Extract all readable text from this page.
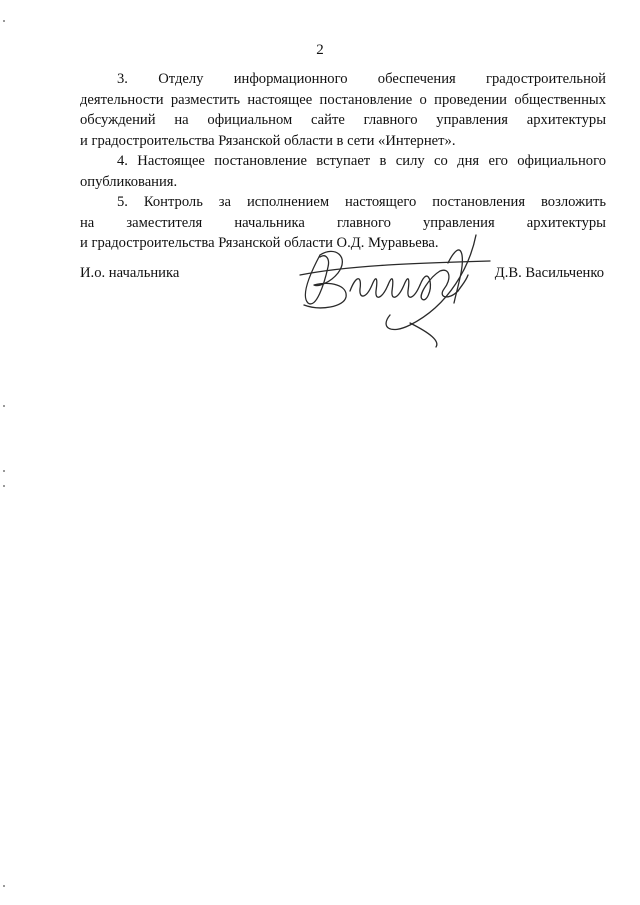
2
3. Отделу информационного обеспечения градостроительной
деятельности разместить настоящее постановление о проведении общественных
обсуждений на официальном сайте главного управления архитектуры
и градостроительства Рязанской области в сети «Интернет».
4. Настоящее постановление вступает в силу со дня его официального
опубликования.
5. Контроль за исполнением настоящего постановления возложить
на заместителя начальника главного управления архитектуры
и градостроительства Рязанской области О.Д. Муравьева.
И.о. начальника	Д.В. Васильченко
